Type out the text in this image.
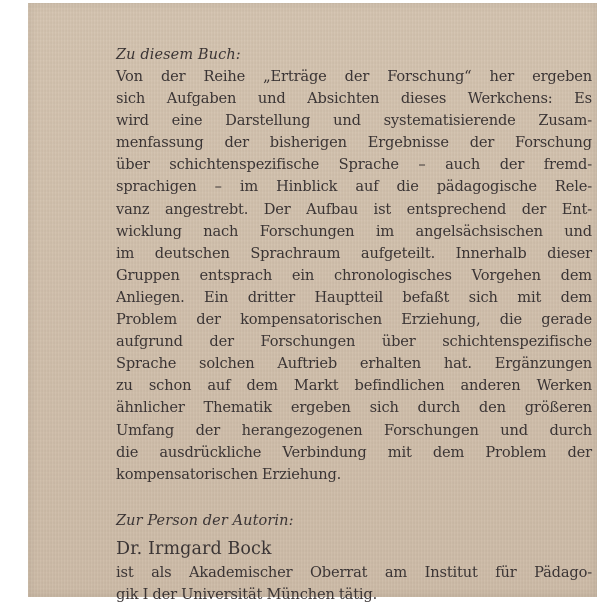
Zu diesem Buch:

Von der Reihe „Erträge der Forschung“ her ergeben
sich Aufgaben und Absichten dieses Werkchens: Es
wird eine Darstellung und systematisierende Zusam-
menfassung der bisherigen Ergebnisse der Forschung
über schichtenspezifische Sprache – auch der fremd-
sprachigen – im Hinblick auf die pädagogische Rele-
vanz angestrebt. Der Aufbau ist entsprechend der Ent-
wicklung nach Forschungen im angelsächsischen und
im deutschen Sprachraum aufgeteilt. Innerhalb dieser
Gruppen entsprach ein chronologisches Vorgehen dem
Anliegen. Ein dritter Hauptteil befaßt sich mit dem
Problem der kompensatorischen Erziehung, die gerade
aufgrund der Forschungen über schichtenspezifische
Sprache solchen Auftrieb erhalten hat. Ergänzungen
zu schon auf dem Markt befindlichen anderen Werken
ähnlicher Thematik ergeben sich durch den größeren
Umfang der herangezogenen Forschungen und durch
die ausdrückliche Verbindung mit dem Problem der
kompensatorischen Erziehung.

Zur Person der Autorin:

Dr. Irmgard Bock

ist als Akademischer Oberrat am Institut für Pädago-
gik I der Universität München tätig.
